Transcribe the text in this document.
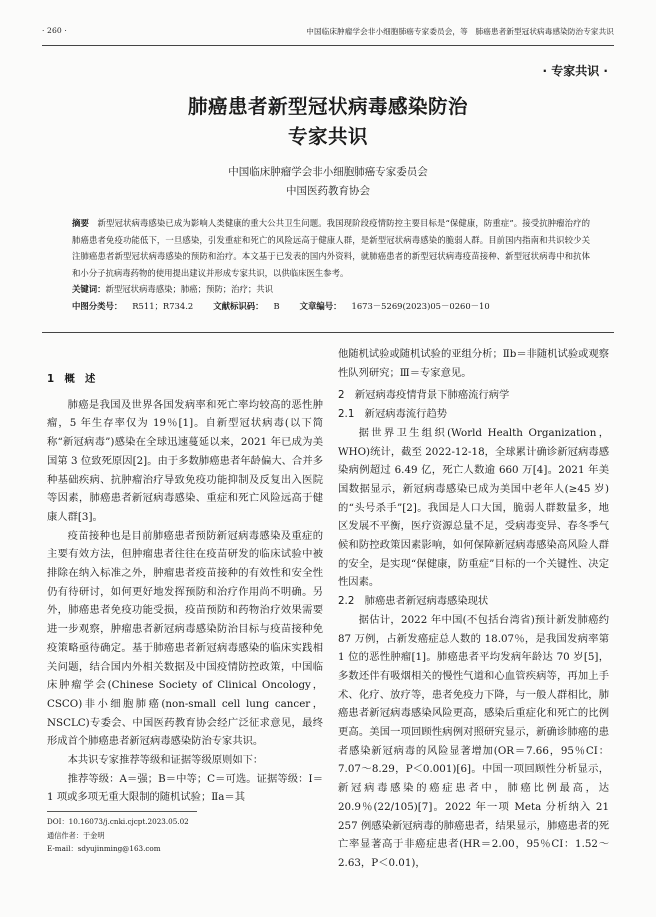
· 260 ·	中国临床肿瘤学会非小细胞肺癌专家委员会，等　肺癌患者新型冠状病毒感染防治专家共识
· 专家共识 ·
肺癌患者新型冠状病毒感染防治
专家共识
中国临床肿瘤学会非小细胞肺癌专家委员会
中国医药教育协会

摘要　 新型冠状病毒感染已成为影响人类健康的重大公共卫生问题。我国现阶段疫情防控主要目标是“保健康，防重症”。接受抗肿瘤治疗的肺癌患者免疫功能低下，一旦感染，引发重症和死亡的风险远高于健康人群，是新型冠状病毒感染的脆弱人群。目前国内指南和共识较少关注肺癌患者新型冠状病毒感染的预防和治疗。本文基于已发表的国内外资料，就肺癌患者的新型冠状病毒疫苗接种、新型冠状病毒中和抗体和小分子抗病毒药物的使用提出建议并形成专家共识，以供临床医生参考。

关键词：新型冠状病毒感染；肺癌；预防；治疗；共识

中图分类号： R511；R734.2 文献标识码： B 文章编号： 1673－5269(2023)05－0260－10

1　概　述

肺癌是我国及世界各国发病率和死亡率均较高的恶性肿瘤，5 年生存率仅为 19％[1]。自新型冠状病毒(以下简称“新冠病毒”)感染在全球迅速蔓延以来，2021 年已成为美国第 3 位致死原因[2]。由于多数肺癌患者年龄偏大、合并多种基础疾病、抗肿瘤治疗导致免疫功能抑制及反复出入医院等因素，肺癌患者新冠病毒感染、重症和死亡风险远高于健康人群[3]。

疫苗接种也是目前肺癌患者预防新冠病毒感染及重症的主要有效方法，但肿瘤患者往往在疫苗研发的临床试验中被排除在纳入标准之外，肿瘤患者疫苗接种的有效性和安全性仍有待研讨，如何更好地发挥预防和治疗作用尚不明确。另外，肺癌患者免疫功能受损，疫苗预防和药物治疗效果需要进一步观察，肿瘤患者新冠病毒感染防治目标与疫苗接种免疫策略亟待确定。基于肺癌患者新冠病毒感染的临床实践相关问题，结合国内外相关数据及中国疫情防控政策，中国临床肿瘤学会(Chinese Society of Clinical Oncology，CSCO)非小细胞肺癌(non-small cell lung cancer，NSCLC)专委会、中国医药教育协会经广泛征求意见，最终形成首个肺癌患者新冠病毒感染防治专家共识。

本共识专家推荐等级和证据等级原则如下：

推荐等级：A＝强；B＝中等；C＝可选。证据等级：Ⅰ＝1 项或多项无重大限制的随机试验；Ⅱa＝其

他随机试验或随机试验的亚组分析；Ⅱb＝非随机试验或观察性队列研究；Ⅲ＝专家意见。

2　新冠病毒疫情背景下肺癌流行病学

2.1　新冠病毒流行趋势

据世界卫生组织(World Health Organization，WHO)统计，截至 2022-12-18，全球累计确诊新冠病毒感染病例超过 6.49 亿，死亡人数逾 660 万[4]。2021 年美国数据显示，新冠病毒感染已成为美国中老年人(≥45 岁)的“头号杀手”[2]。我国是人口大国，脆弱人群数量多，地区发展不平衡，医疗资源总量不足，受病毒变异、春冬季气候和防控政策因素影响，如何保障新冠病毒感染高风险人群的安全，是实现“保健康，防重症”目标的一个关键性、决定性因素。

2.2　肺癌患者新冠病毒感染现状

据估计，2022 年中国(不包括台湾省)预计新发肺癌约 87 万例，占新发癌症总人数的 18.07％，是我国发病率第 1 位的恶性肿瘤[1]。肺癌患者平均发病年龄达 70 岁[5]，多数还伴有吸烟相关的慢性气道和心血管疾病等，再加上手术、化疗、放疗等，患者免疫力下降，与一般人群相比，肺癌患者新冠病毒感染风险更高，感染后重症化和死亡的比例更高。美国一项回顾性病例对照研究显示，新确诊肺癌的患者感染新冠病毒的风险显著增加(OR＝7.66，95％CI：7.07～8.29，P＜0.001)[6]。中国一项回顾性分析显示，新冠病毒感染的癌症患者中，肺癌比例最高，达 20.9％(22/105)[7]。2022 年一项 Meta 分析纳入 21 257 例感染新冠病毒的肺癌患者，结果显示，肺癌患者的死亡率显著高于非癌症患者(HR＝2.00，95％CI：1.52～2.63，P＜0.01)，

DOI：10.16073/j.cnki.cjcpt.2023.05.02

通信作者：于金明

E-mail：sdyujinming@163.com
